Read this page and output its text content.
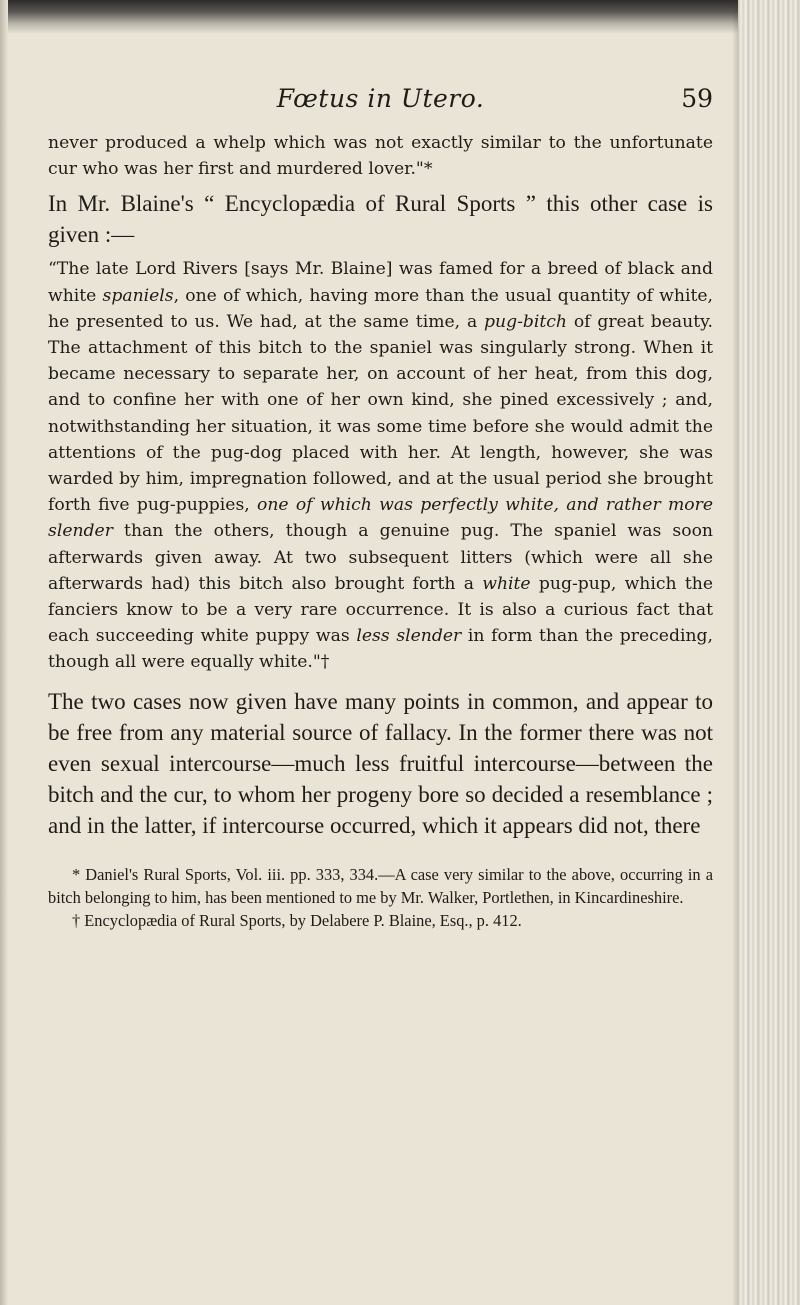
Fœtus in Utero.	59

never produced a whelp which was not exactly similar to the unfortunate cur who was her first and murdered lover."*

In Mr. Blaine's “ Encyclopædia of Rural Sports ” this other case is given :—

“The late Lord Rivers [says Mr. Blaine] was famed for a breed of black and white spaniels, one of which, having more than the usual quantity of white, he presented to us. We had, at the same time, a pug-bitch of great beauty. The attachment of this bitch to the spaniel was singularly strong. When it became necessary to separate her, on account of her heat, from this dog, and to confine her with one of her own kind, she pined excessively ; and, notwithstanding her situation, it was some time before she would admit the attentions of the pug-dog placed with her. At length, however, she was warded by him, impregnation followed, and at the usual period she brought forth five pug-puppies, one of which was perfectly white, and rather more slender than the others, though a genuine pug. The spaniel was soon afterwards given away. At two subsequent litters (which were all she afterwards had) this bitch also brought forth a white pug-pup, which the fanciers know to be a very rare occurrence. It is also a curious fact that each succeeding white puppy was less slender in form than the preceding, though all were equally white."†

The two cases now given have many points in common, and appear to be free from any material source of fallacy. In the former there was not even sexual intercourse—much less fruitful intercourse—between the bitch and the cur, to whom her progeny bore so decided a resemblance ; and in the latter, if intercourse occurred, which it appears did not, there

* Daniel's Rural Sports, Vol. iii. pp. 333, 334.—A case very similar to the above, occurring in a bitch belonging to him, has been mentioned to me by Mr. Walker, Portlethen, in Kincardineshire.

† Encyclopædia of Rural Sports, by Delabere P. Blaine, Esq., p. 412.
